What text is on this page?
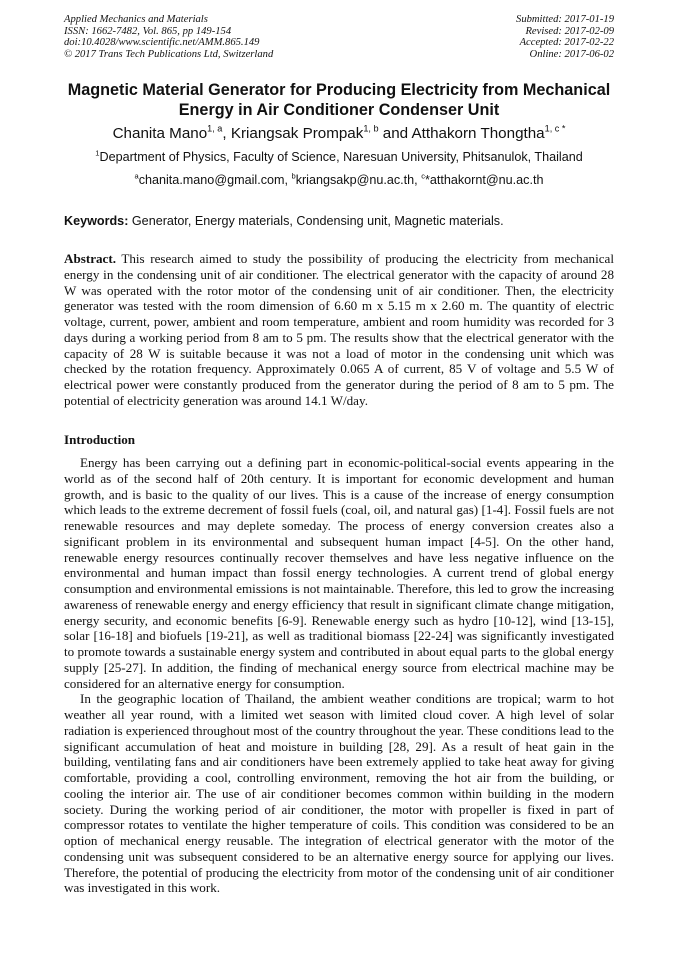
Applied Mechanics and Materials
ISSN: 1662-7482, Vol. 865, pp 149-154
doi:10.4028/www.scientific.net/AMM.865.149
© 2017 Trans Tech Publications Ltd, Switzerland
Submitted: 2017-01-19
Revised: 2017-02-09
Accepted: 2017-02-22
Online: 2017-06-02
Magnetic Material Generator for Producing Electricity from Mechanical Energy in Air Conditioner Condenser Unit
Chanita Mano$^{1, a}$, Kriangsak Prompak$^{1, b}$ and Atthakorn Thongtha$^{1, c *}$
$^1$Department of Physics, Faculty of Science, Naresuan University, Phitsanulok, Thailand
$^a$chanita.mano@gmail.com, $^b$kriangsakp@nu.ac.th, $^c$*atthakornt@nu.ac.th
Keywords: Generator, Energy materials, Condensing unit, Magnetic materials.
Abstract. This research aimed to study the possibility of producing the electricity from mechanical energy in the condensing unit of air conditioner. The electrical generator with the capacity of around 28 W was operated with the rotor motor of the condensing unit of air conditioner. Then, the electricity generator was tested with the room dimension of 6.60 m x 5.15 m x 2.60 m. The quantity of electric voltage, current, power, ambient and room temperature, ambient and room humidity was recorded for 3 days during a working period from 8 am to 5 pm. The results show that the electrical generator with the capacity of 28 W is suitable because it was not a load of motor in the condensing unit which was checked by the rotation frequency. Approximately 0.065 A of current, 85 V of voltage and 5.5 W of electrical power were constantly produced from the generator during the period of 8 am to 5 pm. The potential of electricity generation was around 14.1 W/day.
Introduction

Energy has been carrying out a defining part in economic-political-social events appearing in the world as of the second half of 20th century. It is important for economic development and human growth, and is basic to the quality of our lives. This is a cause of the increase of energy consumption which leads to the extreme decrement of fossil fuels (coal, oil, and natural gas) [1-4]. Fossil fuels are not renewable resources and may deplete someday. The process of energy conversion creates also a significant problem in its environmental and subsequent human impact [4-5]. On the other hand, renewable energy resources continually recover themselves and have less negative influence on the environmental and human impact than fossil energy technologies. A current trend of global energy consumption and environmental emissions is not maintainable. Therefore, this led to grow the increasing awareness of renewable energy and energy efficiency that result in significant climate change mitigation, energy security, and economic benefits [6-9]. Renewable energy such as hydro [10-12], wind [13-15], solar [16-18] and biofuels [19-21], as well as traditional biomass [22-24] was significantly investigated to promote towards a sustainable energy system and contributed in about equal parts to the global energy supply [25-27]. In addition, the finding of mechanical energy source from electrical machine may be considered for an alternative energy for consumption.

In the geographic location of Thailand, the ambient weather conditions are tropical; warm to hot weather all year round, with a limited wet season with limited cloud cover. A high level of solar radiation is experienced throughout most of the country throughout the year. These conditions lead to the significant accumulation of heat and moisture in building [28, 29]. As a result of heat gain in the building, ventilating fans and air conditioners have been extremely applied to take heat away for giving comfortable, providing a cool, controlling environment, removing the hot air from the building, or cooling the interior air. The use of air conditioner becomes common within building in the modern society. During the working period of air conditioner, the motor with propeller is fixed in part of compressor rotates to ventilate the higher temperature of coils. This condition was considered to be an option of mechanical energy reusable. The integration of electrical generator with the motor of the condensing unit was subsequent considered to be an alternative energy source for applying our lives. Therefore, the potential of producing the electricity from motor of the condensing unit of air conditioner was investigated in this work.
